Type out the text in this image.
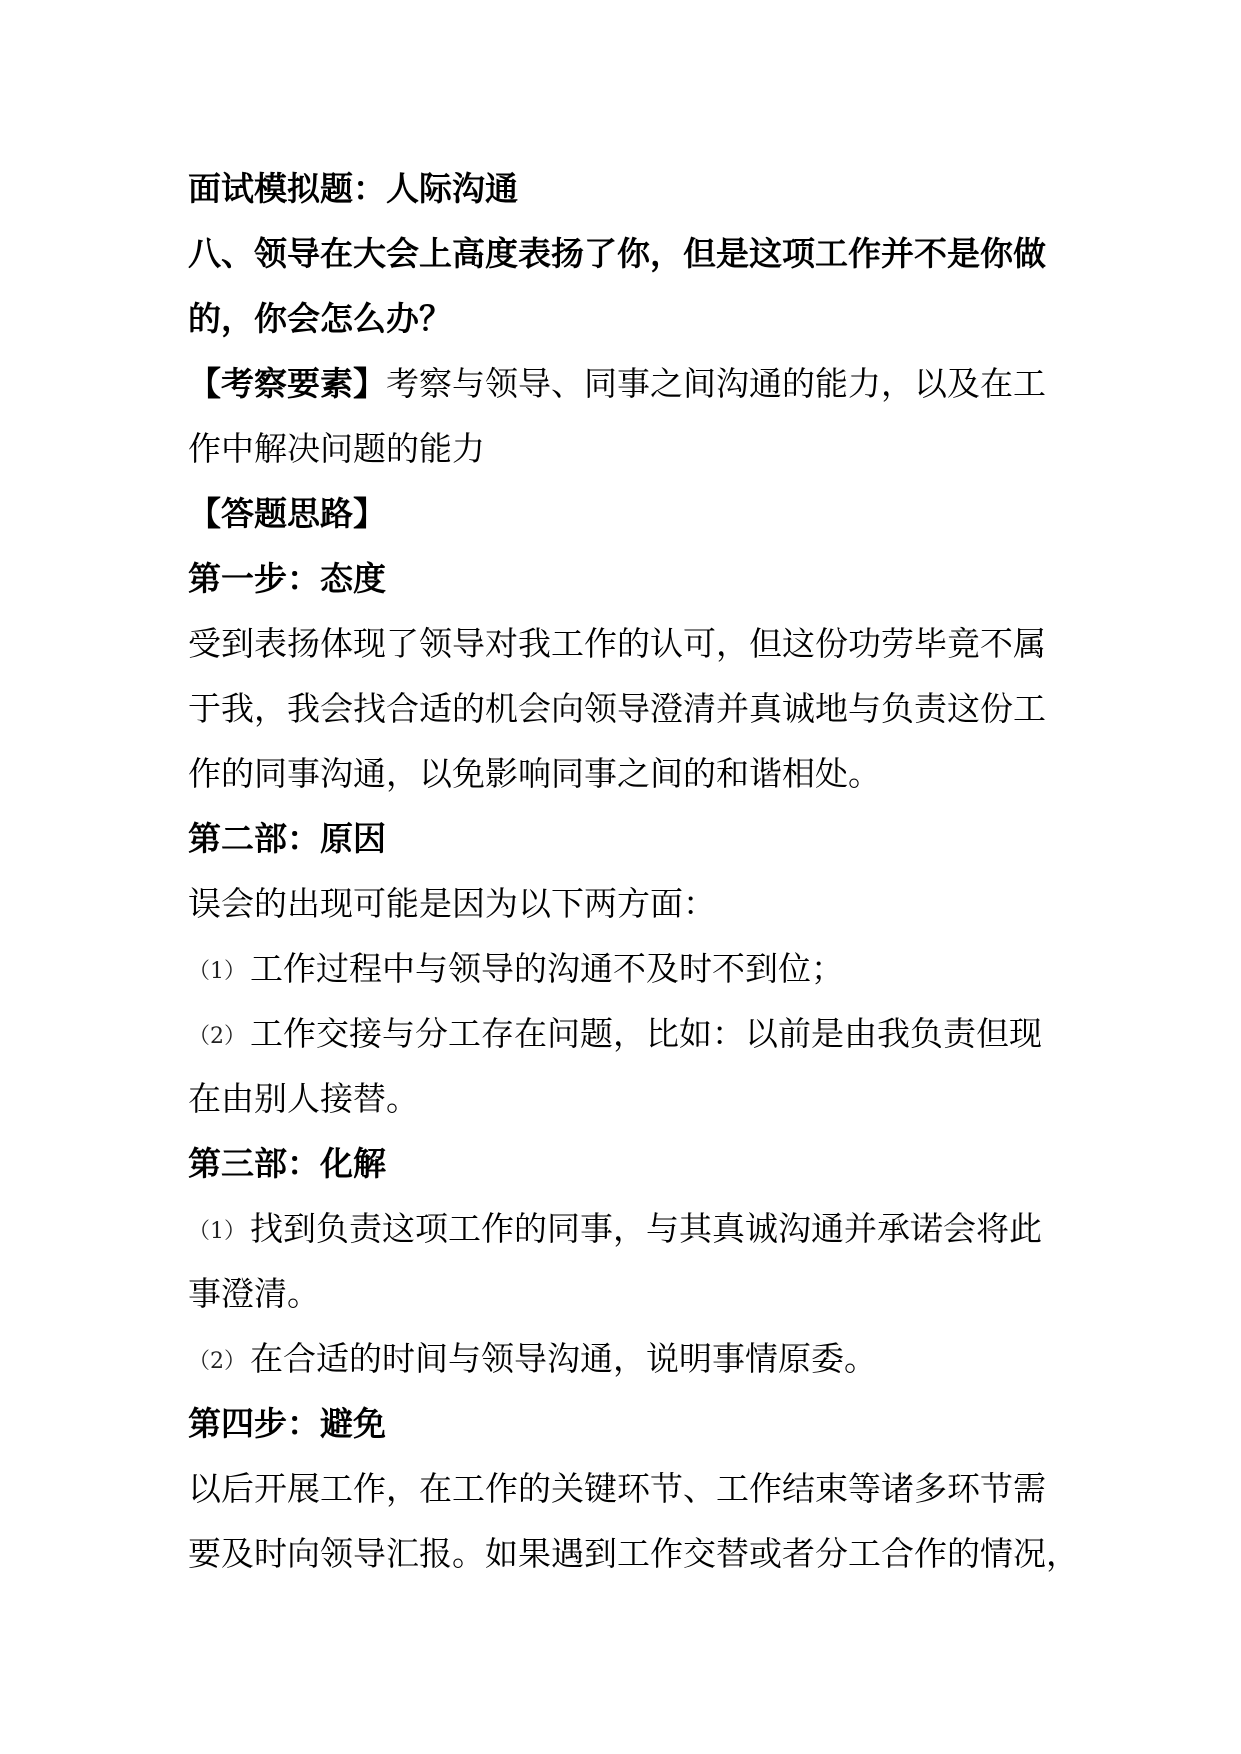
面试模拟题：人际沟通
八、领导在大会上高度表扬了你，但是这项工作并不是你做
的，你会怎么办？
【考察要素】考察与领导、同事之间沟通的能力，以及在工
作中解决问题的能力
【答题思路】
第一步：态度
受到表扬体现了领导对我工作的认可，但这份功劳毕竟不属
于我，我会找合适的机会向领导澄清并真诚地与负责这份工
作的同事沟通，以免影响同事之间的和谐相处。
第二部：原因
误会的出现可能是因为以下两方面：
（1） 工作过程中与领导的沟通不及时不到位；
（2） 工作交接与分工存在问题，比如：以前是由我负责但现
在由别人接替。
第三部：化解
（1） 找到负责这项工作的同事，与其真诚沟通并承诺会将此
事澄清。
（2） 在合适的时间与领导沟通，说明事情原委。
第四步：避免
以后开展工作，在工作的关键环节、工作结束等诸多环节需
要及时向领导汇报。如果遇到工作交替或者分工合作的情况，
